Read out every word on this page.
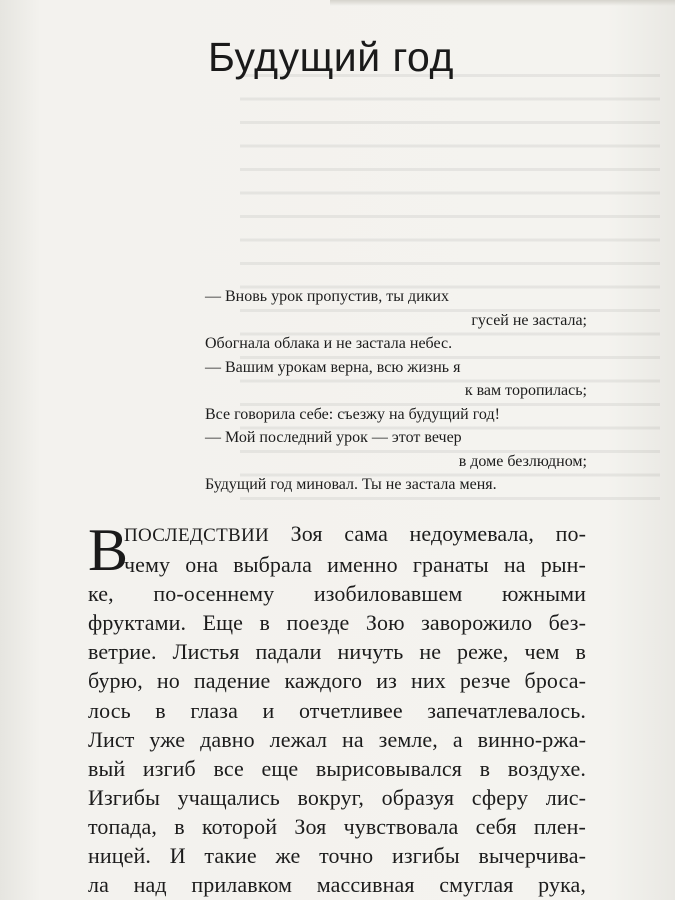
Будущий год
— Вновь урок пропустив, ты диких
гусей не застала;
Обогнала облака и не застала небес.
— Вашим урокам верна, всю жизнь я
к вам торопилась;
Все говорила себе: съезжу на будущий год!
— Мой последний урок — этот вечер
в доме безлюдном;
Будущий год миновал. Ты не застала меня.
В
ПОСЛЕДСТВИИ Зоя сама недоумевала, по-
чему она выбрала именно гранаты на рын-
ке, по-осеннему изобиловавшем южными
фруктами. Еще в поезде Зою заворожило без-
ветрие. Листья падали ничуть не реже, чем в
бурю, но падение каждого из них резче броса-
лось в глаза и отчетливее запечатлевалось.
Лист уже давно лежал на земле, а винно-ржа-
вый изгиб все еще вырисовывался в воздухе.
Изгибы учащались вокруг, образуя сферу лис-
топада, в которой Зоя чувствовала себя плен-
ницей. И такие же точно изгибы вычерчива-
ла над прилавком массивная смуглая рука,
